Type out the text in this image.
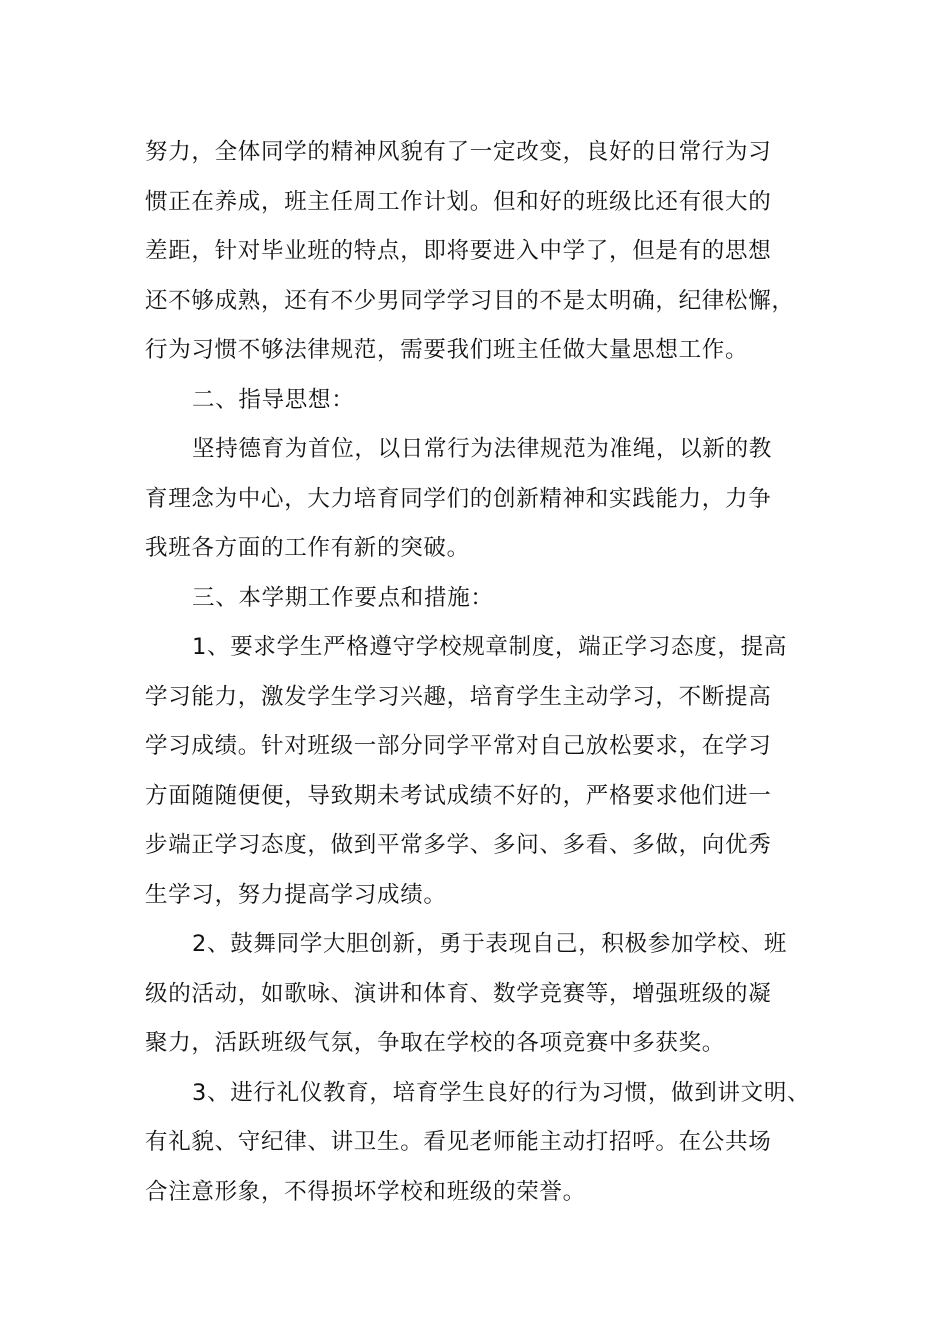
努力，全体同学的精神风貌有了一定改变，良好的日常行为习
惯正在养成，班主任周工作计划。但和好的班级比还有很大的
差距，针对毕业班的特点，即将要进入中学了，但是有的思想
还不够成熟，还有不少男同学学习目的不是太明确，纪律松懈，
行为习惯不够法律规范，需要我们班主任做大量思想工作。

二、指导思想：

坚持德育为首位，以日常行为法律规范为准绳，以新的教
育理念为中心，大力培育同学们的创新精神和实践能力，力争
我班各方面的工作有新的突破。

三、本学期工作要点和措施：

1、要求学生严格遵守学校规章制度，端正学习态度，提高
学习能力，激发学生学习兴趣，培育学生主动学习，不断提高
学习成绩。针对班级一部分同学平常对自己放松要求，在学习
方面随随便便，导致期未考试成绩不好的，严格要求他们进一
步端正学习态度，做到平常多学、多问、多看、多做，向优秀
生学习，努力提高学习成绩。

2、鼓舞同学大胆创新，勇于表现自己，积极参加学校、班
级的活动，如歌咏、演讲和体育、数学竞赛等，增强班级的凝
聚力，活跃班级气氛，争取在学校的各项竞赛中多获奖。

3、进行礼仪教育，培育学生良好的行为习惯，做到讲文明、
有礼貌、守纪律、讲卫生。看见老师能主动打招呼。在公共场
合注意形象，不得损坏学校和班级的荣誉。
